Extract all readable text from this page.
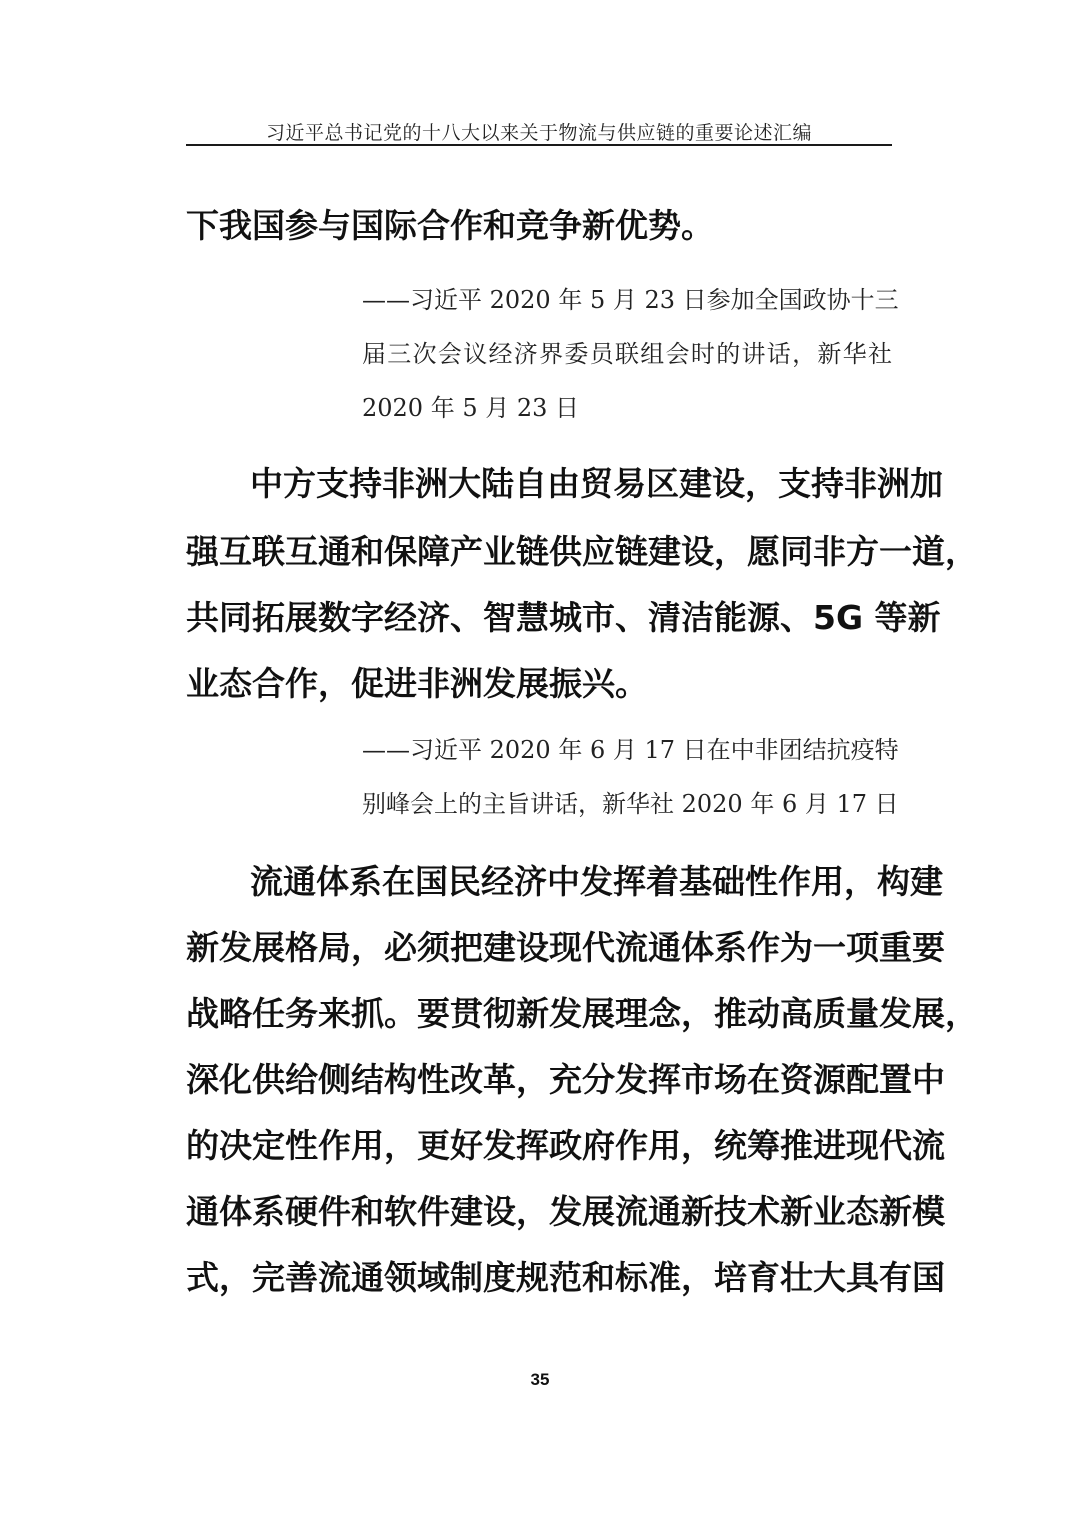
习近平总书记党的十八大以来关于物流与供应链的重要论述汇编
下我国参与国际合作和竞争新优势。
——习近平 2020 年 5 月 23 日参加全国政协十三
届三次会议经济界委员联组会时的讲话，新华社
2020 年 5 月 23 日
中方支持非洲大陆自由贸易区建设，支持非洲加
强互联互通和保障产业链供应链建设，愿同非方一道，
共同拓展数字经济、智慧城市、清洁能源、5G 等新
业态合作，促进非洲发展振兴。
——习近平 2020 年 6 月 17 日在中非团结抗疫特
别峰会上的主旨讲话，新华社 2020 年 6 月 17 日
流通体系在国民经济中发挥着基础性作用，构建
新发展格局，必须把建设现代流通体系作为一项重要
战略任务来抓。要贯彻新发展理念，推动高质量发展，
深化供给侧结构性改革，充分发挥市场在资源配置中
的决定性作用，更好发挥政府作用，统筹推进现代流
通体系硬件和软件建设，发展流通新技术新业态新模
式，完善流通领域制度规范和标准，培育壮大具有国
35
